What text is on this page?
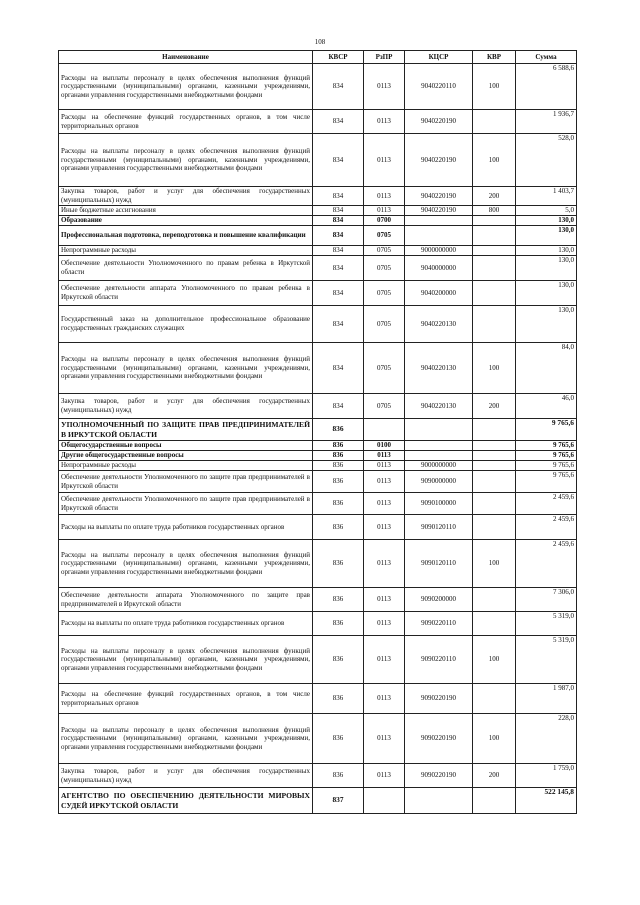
108
Наименование	КВСР	РзПР	КЦСР	КВР	Сумма
Расходы на выплаты персоналу в целях обеспечения выполнения функций государственными (муниципальными) органами, казенными учреждениями, органами управления государственными внебюджетными фондами	834	0113	9040220110	100	6 588,6
Расходы на обеспечение функций государственных органов, в том числе территориальных органов	834	0113	9040220190		1 936,7
Расходы на выплаты персоналу в целях обеспечения выполнения функций государственными (муниципальными) органами, казенными учреждениями, органами управления государственными внебюджетными фондами	834	0113	9040220190	100	528,0
Закупка товаров, работ и услуг для обеспечения государственных (муниципальных) нужд	834	0113	9040220190	200	1 403,7
Иные бюджетные ассигнования	834	0113	9040220190	800	5,0
Образование	834	0700			130,0
Профессиональная подготовка, переподготовка и повышение квалификации	834	0705			130,0
Непрограммные расходы	834	0705	9000000000		130,0
Обеспечение деятельности Уполномоченного по правам ребенка в Иркутской области	834	0705	9040000000		130,0
Обеспечение деятельности аппарата Уполномоченного по правам ребенка в Иркутской области	834	0705	9040200000		130,0
Государственный заказ на дополнительное профессиональное образование государственных гражданских служащих	834	0705	9040220130		130,0
Расходы на выплаты персоналу в целях обеспечения выполнения функций государственными (муниципальными) органами, казенными учреждениями, органами управления государственными внебюджетными фондами	834	0705	9040220130	100	84,0
Закупка товаров, работ и услуг для обеспечения государственных (муниципальных) нужд	834	0705	9040220130	200	46,0
УПОЛНОМОЧЕННЫЙ ПО ЗАЩИТЕ ПРАВ ПРЕДПРИНИМАТЕЛЕЙ В ИРКУТСКОЙ ОБЛАСТИ	836				9 765,6
Общегосударственные вопросы	836	0100			9 765,6
Другие общегосударственные вопросы	836	0113			9 765,6
Непрограммные расходы	836	0113	9000000000		9 765,6
Обеспечение деятельности Уполномоченного по защите прав предпринимателей в Иркутской области	836	0113	9090000000		9 765,6
Обеспечение деятельности Уполномоченного по защите прав предпринимателей в Иркутской области	836	0113	9090100000		2 459,6
Расходы на выплаты по оплате труда работников государственных органов	836	0113	9090120110		2 459,6
Расходы на выплаты персоналу в целях обеспечения выполнения функций государственными (муниципальными) органами, казенными учреждениями, органами управления государственными внебюджетными фондами	836	0113	9090120110	100	2 459,6
Обеспечение деятельности аппарата Уполномоченного по защите прав предпринимателей в Иркутской области	836	0113	9090200000		7 306,0
Расходы на выплаты по оплате труда работников государственных органов	836	0113	9090220110		5 319,0
Расходы на выплаты персоналу в целях обеспечения выполнения функций государственными (муниципальными) органами, казенными учреждениями, органами управления государственными внебюджетными фондами	836	0113	9090220110	100	5 319,0
Расходы на обеспечение функций государственных органов, в том числе территориальных органов	836	0113	9090220190		1 987,0
Расходы на выплаты персоналу в целях обеспечения выполнения функций государственными (муниципальными) органами, казенными учреждениями, органами управления государственными внебюджетными фондами	836	0113	9090220190	100	228,0
Закупка товаров, работ и услуг для обеспечения государственных (муниципальных) нужд	836	0113	9090220190	200	1 759,0
АГЕНТСТВО ПО ОБЕСПЕЧЕНИЮ ДЕЯТЕЛЬНОСТИ МИРОВЫХ СУДЕЙ ИРКУТСКОЙ ОБЛАСТИ	837				522 145,8
